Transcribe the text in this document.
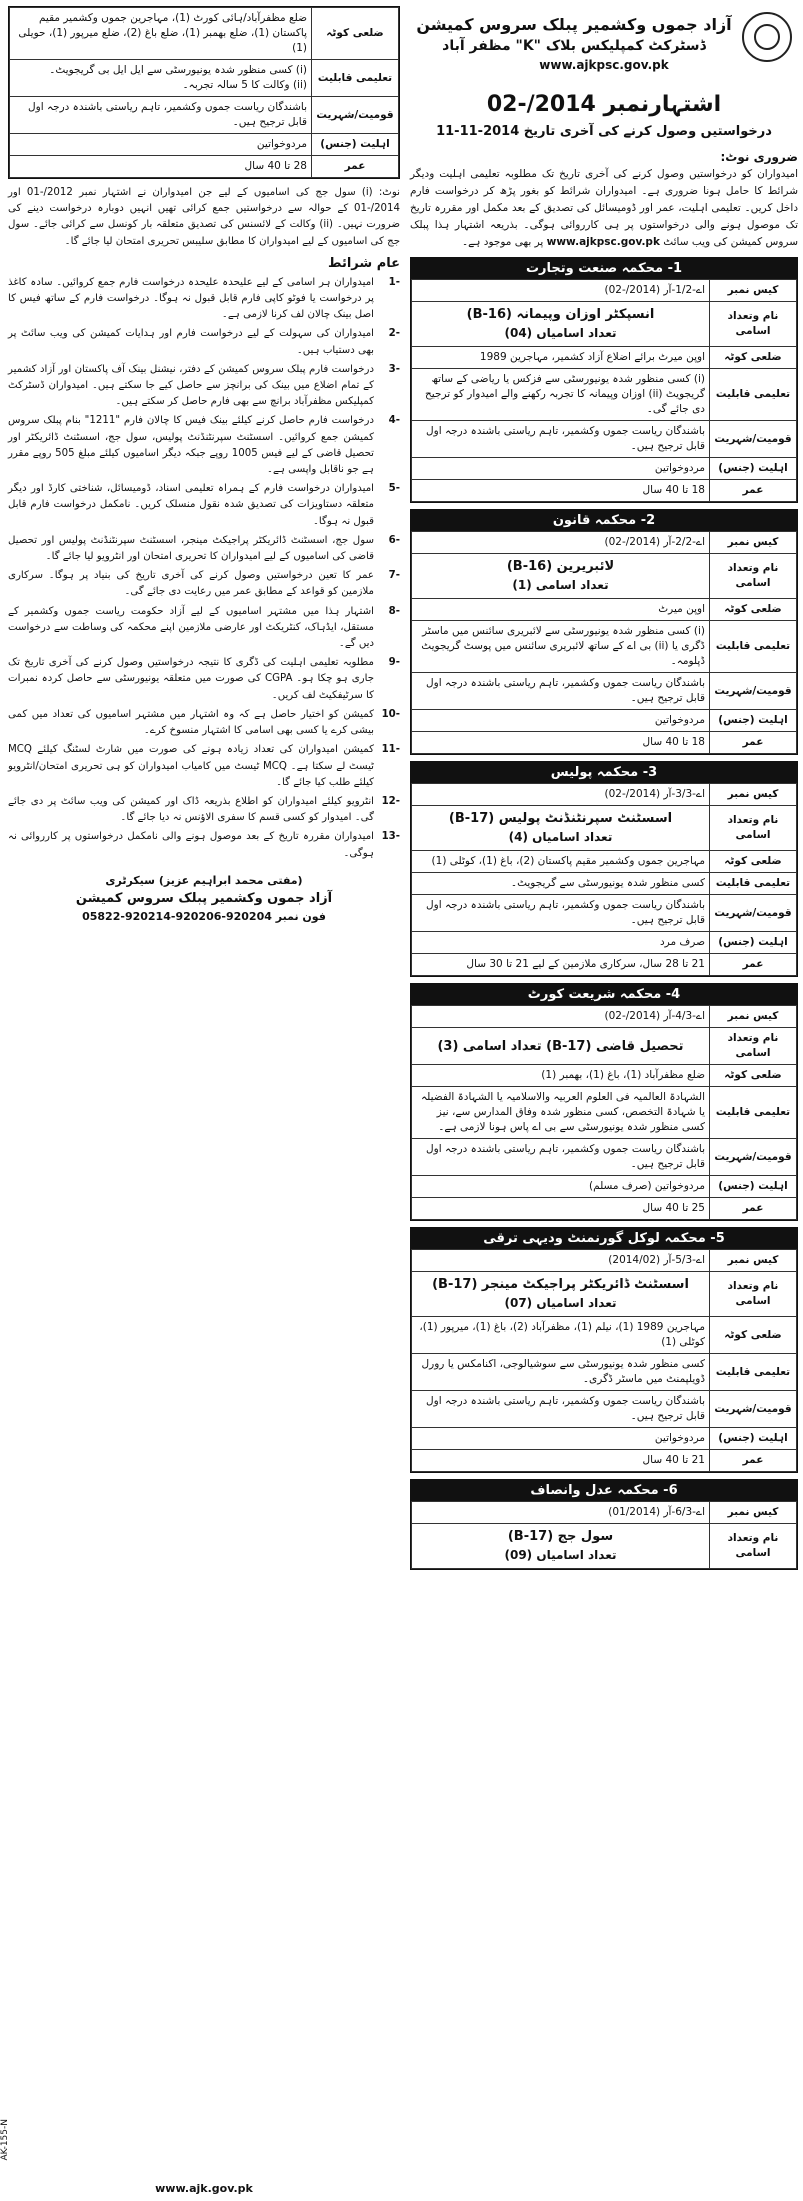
آزاد جموں وکشمیر پبلک سروس کمیشن
ڈسٹرکٹ کمپلیکس بلاک "K" مظفر آباد
www.ajkpsc.gov.pk
اشتہارنمبر 2014/-02
درخواستیں وصول کرنے کی آخری تاریخ 2014-11-11
ضروری نوٹ:
امیدواران کو درخواستیں وصول کرنے کی آخری تاریخ تک مطلوبہ تعلیمی اہلیت ودیگر شرائط کا حامل ہونا ضروری ہے۔ امیدواران شرائط کو بغور پڑھ کر درخواست فارم داخل کریں۔ تعلیمی اہلیت، عمر اور ڈومیسائل کی تصدیق کے بعد مکمل اور مقررہ تاریخ تک موصول ہونے والی درخواستوں پر ہی کارروائی ہوگی۔ بذریعہ اشتہار ہذا پبلک سروس کمیشن کی ویب سائٹ www.ajkpsc.gov.pk پر بھی موجود ہے۔
1- محکمہ صنعت وتجارت
کیس نمبر	اے-1/2-آر (2014/-02)
نام وتعداد اسامی	انسپکٹر اوزان وپیمانہ (B-16)
تعداد اسامیاں (04)

ضلعی کوٹہ	اوپن میرٹ برائے اضلاع آزاد کشمیر، مہاجرین 1989
تعلیمی قابلیت	(i) کسی منظور شدہ یونیورسٹی سے فزکس یا ریاضی کے ساتھ گریجویٹ (ii) اوزان وپیمانہ کا تجربہ رکھنے والے امیدوار کو ترجیح دی جائے گی۔
قومیت/شہریت	باشندگان ریاست جموں وکشمیر، تاہم ریاستی باشندہ درجہ اول قابل ترجیح ہیں۔
اہلیت (جنس)	مردوخواتین
عمر	18 تا 40 سال
2- محکمہ قانون
کیس نمبر	اے-2/2-آر (2014/-02)
نام وتعداد اسامی	لائبریرین (B-16)
تعداد اسامی (1)

ضلعی کوٹہ	اوپن میرٹ
تعلیمی قابلیت	(i) کسی منظور شدہ یونیورسٹی سے لائبریری سائنس میں ماسٹر ڈگری یا (ii) بی اے کے ساتھ لائبریری سائنس میں پوسٹ گریجویٹ ڈپلومہ۔
قومیت/شہریت	باشندگان ریاست جموں وکشمیر، تاہم ریاستی باشندہ درجہ اول قابل ترجیح ہیں۔
اہلیت (جنس)	مردوخواتین
عمر	18 تا 40 سال
3- محکمہ پولیس
کیس نمبر	اے-3/3-آر (2014/-02)
نام وتعداد اسامی	اسسٹنٹ سپرنٹنڈنٹ پولیس (B-17)
تعداد اسامیاں (4)

ضلعی کوٹہ	مہاجرین جموں وکشمیر مقیم پاکستان (2)، باغ (1)، کوٹلی (1)
تعلیمی قابلیت	کسی منظور شدہ یونیورسٹی سے گریجویٹ۔
قومیت/شہریت	باشندگان ریاست جموں وکشمیر، تاہم ریاستی باشندہ درجہ اول قابل ترجیح ہیں۔
اہلیت (جنس)	صرف مرد
عمر	21 تا 28 سال، سرکاری ملازمین کے لیے 21 تا 30 سال
4- محکمہ شریعت کورٹ
کیس نمبر	اے-4/3-آر (2014/-02)
نام وتعداد اسامی	تحصیل قاضی (B-17) تعداد اسامی (3)
ضلعی کوٹہ	ضلع مظفرآباد (1)، باغ (1)، بھمبر (1)
تعلیمی قابلیت	الشہادۃ العالمیہ فی العلوم العربیہ والاسلامیہ یا الشہادۃ الفضیلہ یا شہادۃ التخصص، کسی منظور شدہ وفاق المدارس سے، نیز کسی منظور شدہ یونیورسٹی سے بی اے پاس ہونا لازمی ہے۔
قومیت/شہریت	باشندگان ریاست جموں وکشمیر، تاہم ریاستی باشندہ درجہ اول قابل ترجیح ہیں۔
اہلیت (جنس)	مردوخواتین (صرف مسلم)
عمر	25 تا 40 سال
5- محکمہ لوکل گورنمنٹ ودیہی ترقی
کیس نمبر	اے-5/3-آر (2014/02)
نام وتعداد اسامی	اسسٹنٹ ڈائریکٹر پراجیکٹ مینجر (B-17)
تعداد اسامیاں (07)

ضلعی کوٹہ	مہاجرین 1989 (1)، نیلم (1)، مظفرآباد (2)، باغ (1)، میرپور (1)، کوٹلی (1)
تعلیمی قابلیت	کسی منظور شدہ یونیورسٹی سے سوشیالوجی، اکنامکس یا رورل ڈویلپمنٹ میں ماسٹر ڈگری۔
قومیت/شہریت	باشندگان ریاست جموں وکشمیر، تاہم ریاستی باشندہ درجہ اول قابل ترجیح ہیں۔
اہلیت (جنس)	مردوخواتین
عمر	21 تا 40 سال
6- محکمہ عدل وانصاف
کیس نمبر	اے-6/3-آر (01/2014)
نام وتعداد اسامی	سول جج (B-17)
تعداد اسامیاں (09)
ضلعی کوٹہ	ضلع مظفرآباد/ہائی کورٹ (1)، مہاجرین جموں وکشمیر مقیم پاکستان (1)، ضلع بھمبر (1)، ضلع باغ (2)، ضلع میرپور (1)، حویلی (1)
تعلیمی قابلیت	(i) کسی منظور شدہ یونیورسٹی سے ایل ایل بی گریجویٹ۔
(ii) وکالت کا 5 سالہ تجربہ۔

قومیت/شہریت	باشندگان ریاست جموں وکشمیر، تاہم ریاستی باشندہ درجہ اول قابل ترجیح ہیں۔
اہلیت (جنس)	مردوخواتین
عمر	28 تا 40 سال
نوٹ: (i) سول جج کی اسامیوں کے لیے جن امیدواران نے اشتہار نمبر 2012/-01 اور 2014/-01 کے حوالہ سے درخواستیں جمع کرائی تھیں انہیں دوبارہ درخواست دینے کی ضرورت نہیں۔ (ii) وکالت کے لائسنس کی تصدیق متعلقہ بار کونسل سے کرائی جائے۔ سول جج کی اسامیوں کے لیے امیدواران کا مطابق سلیبس تحریری امتحان لیا جائے گا۔
عام شرائط
-1
امیدواران ہر اسامی کے لیے علیحدہ علیحدہ درخواست فارم جمع کروائیں۔ سادہ کاغذ پر درخواست یا فوٹو کاپی فارم قابل قبول نہ ہوگا۔ درخواست فارم کے ساتھ فیس کا اصل بینک چالان لف کرنا لازمی ہے۔
-2
امیدواران کی سہولت کے لیے درخواست فارم اور ہدایات کمیشن کی ویب سائٹ پر بھی دستیاب ہیں۔
-3
درخواست فارم پبلک سروس کمیشن کے دفتر، نیشنل بینک آف پاکستان اور آزاد کشمیر کے تمام اضلاع میں بینک کی برانچز سے حاصل کیے جا سکتے ہیں۔ امیدواران ڈسٹرکٹ کمپلیکس مظفرآباد برانچ سے بھی فارم حاصل کر سکتے ہیں۔
-4
درخواست فارم حاصل کرنے کیلئے بینک فیس کا چالان فارم "1211" بنام پبلک سروس کمیشن جمع کروائیں۔ اسسٹنٹ سپرنٹنڈنٹ پولیس، سول جج، اسسٹنٹ ڈائریکٹر اور تحصیل قاضی کے لیے فیس 1005 روپے جبکہ دیگر اسامیوں کیلئے مبلغ 505 روپے مقرر ہے جو ناقابل واپسی ہے۔
-5
امیدواران درخواست فارم کے ہمراہ تعلیمی اسناد، ڈومیسائل، شناختی کارڈ اور دیگر متعلقہ دستاویزات کی تصدیق شدہ نقول منسلک کریں۔ نامکمل درخواست فارم قابل قبول نہ ہوگا۔
-6
سول جج، اسسٹنٹ ڈائریکٹر پراجیکٹ مینجر، اسسٹنٹ سپرنٹنڈنٹ پولیس اور تحصیل قاضی کی اسامیوں کے لیے امیدواران کا تحریری امتحان اور انٹرویو لیا جائے گا۔
-7
عمر کا تعین درخواستیں وصول کرنے کی آخری تاریخ کی بنیاد پر ہوگا۔ سرکاری ملازمین کو قواعد کے مطابق عمر میں رعایت دی جائے گی۔
-8
اشتہار ہذا میں مشتہر اسامیوں کے لیے آزاد حکومت ریاست جموں وکشمیر کے مستقل، ایڈہاک، کنٹریکٹ اور عارضی ملازمین اپنے محکمہ کی وساطت سے درخواست دیں گے۔
-9
مطلوبہ تعلیمی اہلیت کی ڈگری کا نتیجہ درخواستیں وصول کرنے کی آخری تاریخ تک جاری ہو چکا ہو۔ CGPA کی صورت میں متعلقہ یونیورسٹی سے حاصل کردہ نمبرات کا سرٹیفکیٹ لف کریں۔
-10
کمیشن کو اختیار حاصل ہے کہ وہ اشتہار میں مشتہر اسامیوں کی تعداد میں کمی بیشی کرے یا کسی بھی اسامی کا اشتہار منسوخ کرے۔
-11
کمیشن امیدواران کی تعداد زیادہ ہونے کی صورت میں شارٹ لسٹنگ کیلئے MCQ ٹیسٹ لے سکتا ہے۔ MCQ ٹیسٹ میں کامیاب امیدواران کو ہی تحریری امتحان/انٹرویو کیلئے طلب کیا جائے گا۔
-12
انٹرویو کیلئے امیدواران کو اطلاع بذریعہ ڈاک اور کمیشن کی ویب سائٹ پر دی جائے گی۔ امیدوار کو کسی قسم کا سفری الاؤنس نہ دیا جائے گا۔
-13
امیدواران مقررہ تاریخ کے بعد موصول ہونے والی نامکمل درخواستوں پر کارروائی نہ ہوگی۔
(مفتی محمد ابراہیم عزیز) سیکرٹری
آزاد جموں وکشمیر پبلک سروس کمیشن
فون نمبر 920204-920206-920214-05822
AK-155-N
www.ajk.gov.pk
